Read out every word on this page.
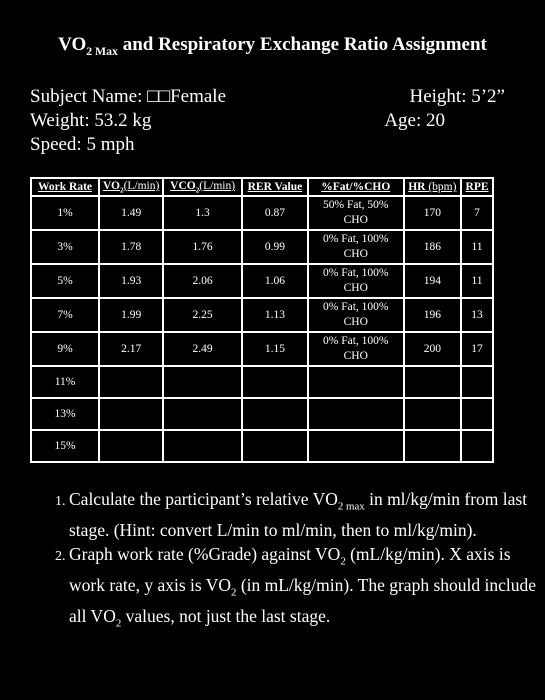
$VO_{2 Max}$ and Respiratory Exchange Ratio Assignment
Subject Name: □□Female
Weight: 53.2 kg
Speed: 5 mph
Height: 5’2”
Age: 20
Work Rate	$VO_2(L/\min)$	$VCO_2(L/\min)$	RER Value	%Fat/%CHO	HR (bpm)	RPE
1%	1.49	1.3	0.87	50% Fat, 50% CHO	170	7
3%	1.78	1.76	0.99	0% Fat, 100% CHO	186	11
5%	1.93	2.06	1.06	0% Fat, 100% CHO	194	11
7%	1.99	2.25	1.13	0% Fat, 100% CHO	196	13
9%	2.17	2.49	1.15	0% Fat, 100% CHO	200	17
11%						
13%						
15%						
1. Calculate the participant’s relative $VO_{2 max}$ in ml/kg/min from last stage. (Hint: convert L/min to ml/min, then to ml/kg/min).
2. Graph work rate (%Grade) against $VO_2$ (mL/kg/min). X axis is work rate, y axis is $VO_2$ (in mL/kg/min). The graph should include all $VO_2$ values, not just the last stage.
